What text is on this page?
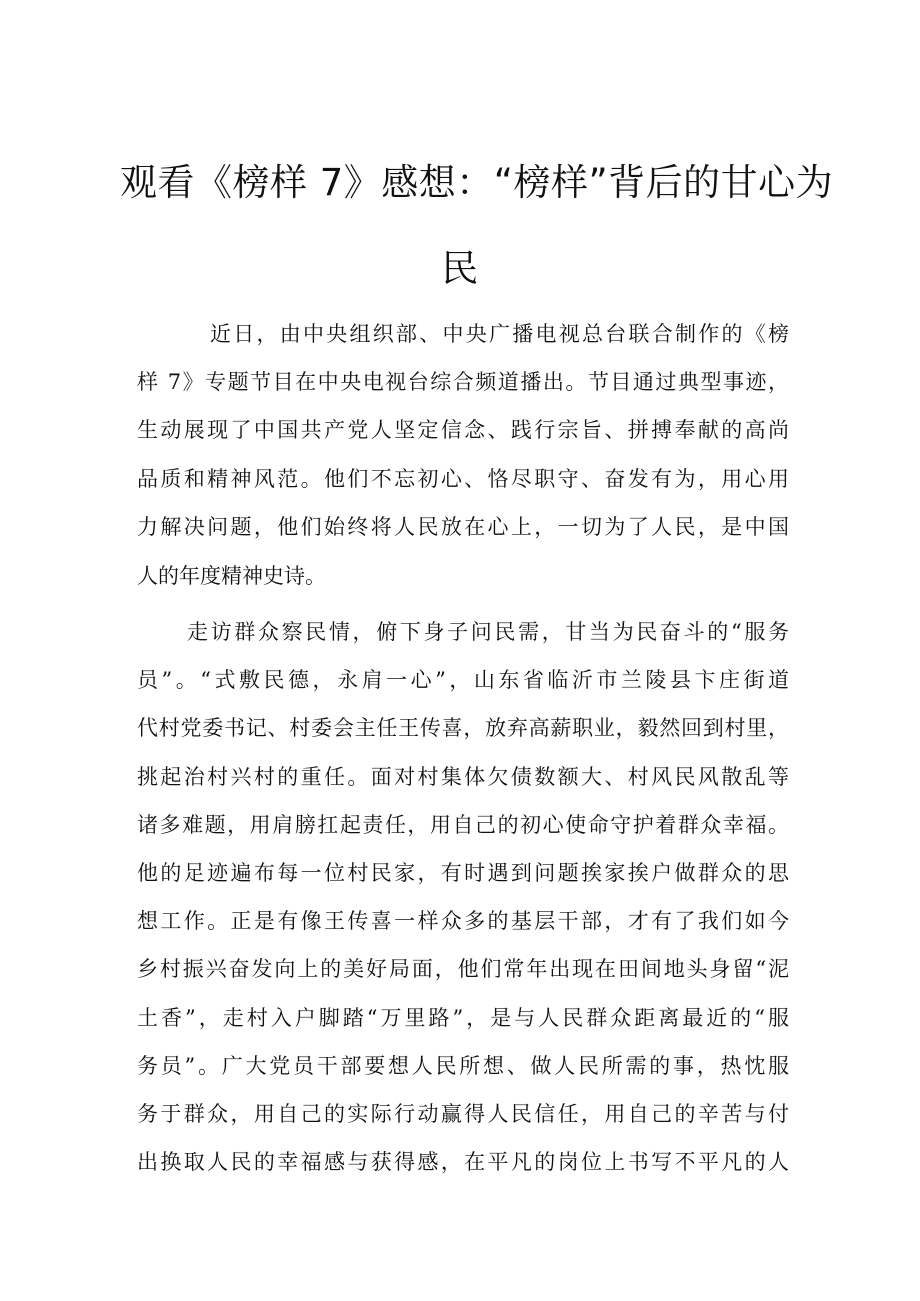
观看《榜样 7》感想：“榜样”背后的甘心为
民

近日，由中央组织部、中央广播电视总台联合制作的《榜

样 7》专题节目在中央电视台综合频道播出。节目通过典型事迹，

生动展现了中国共产党人坚定信念、践行宗旨、拼搏奉献的高尚

品质和精神风范。他们不忘初心、恪尽职守、奋发有为，用心用

力解决问题，他们始终将人民放在心上，一切为了人民，是中国

人的年度精神史诗。

走访群众察民情，俯下身子问民需，甘当为民奋斗的“服务

员”。“式敷民德，永肩一心”，山东省临沂市兰陵县卞庄街道

代村党委书记、村委会主任王传喜，放弃高薪职业，毅然回到村里，

挑起治村兴村的重任。面对村集体欠债数额大、村风民风散乱等

诸多难题，用肩膀扛起责任，用自己的初心使命守护着群众幸福。

他的足迹遍布每一位村民家，有时遇到问题挨家挨户做群众的思

想工作。正是有像王传喜一样众多的基层干部，才有了我们如今

乡村振兴奋发向上的美好局面，他们常年出现在田间地头身留“泥

土香”，走村入户脚踏“万里路”，是与人民群众距离最近的“服

务员”。广大党员干部要想人民所想、做人民所需的事，热忱服

务于群众，用自己的实际行动赢得人民信任，用自己的辛苦与付

出换取人民的幸福感与获得感，在平凡的岗位上书写不平凡的人
